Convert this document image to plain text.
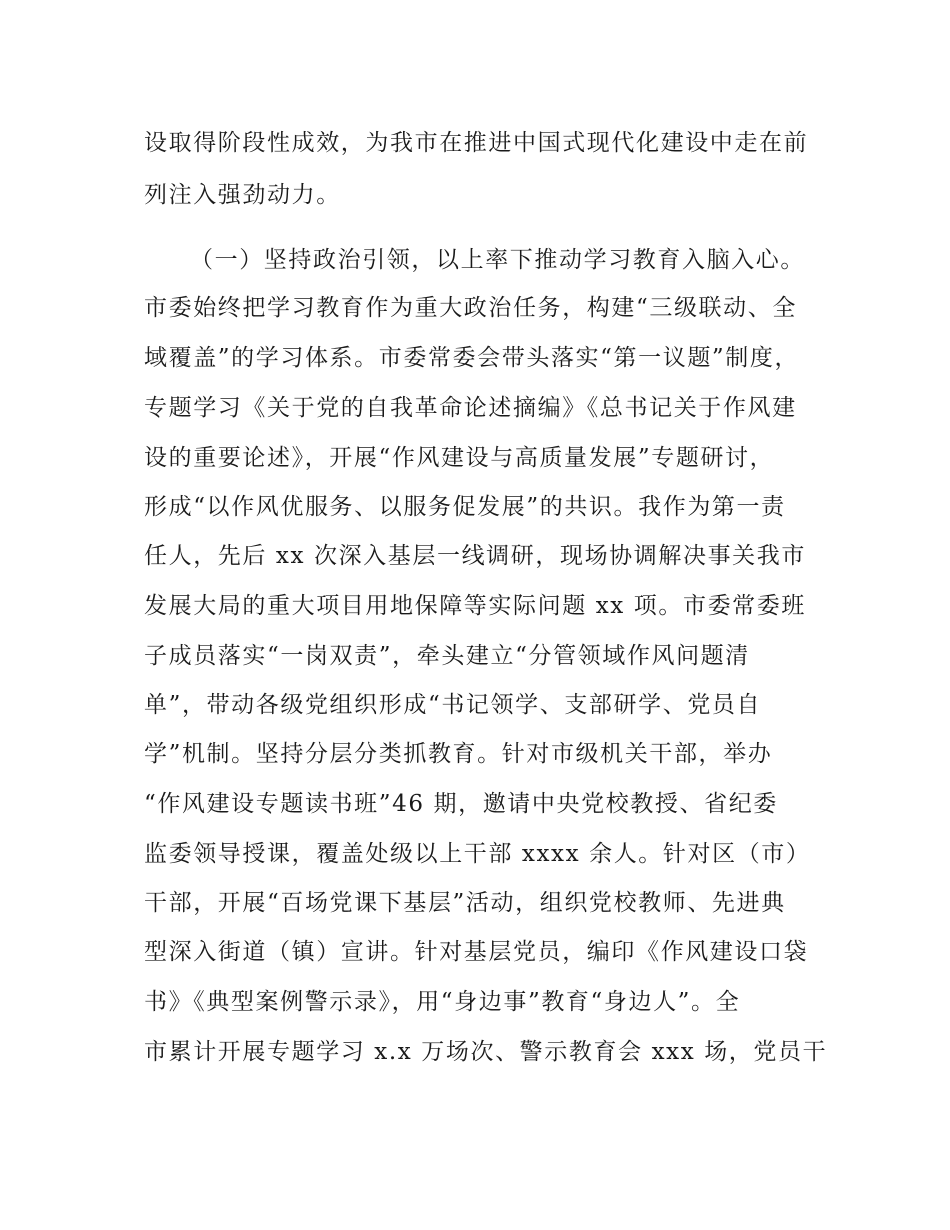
设取得阶段性成效，为我市在推进中国式现代化建设中走在前
列注入强劲动力。
（一）坚持政治引领，以上率下推动学习教育入脑入心。
市委始终把学习教育作为重大政治任务，构建“三级联动、全
域覆盖”的学习体系。市委常委会带头落实“第一议题”制度，
专题学习《关于党的自我革命论述摘编》《总书记关于作风建
设的重要论述》，开展“作风建设与高质量发展”专题研讨，
形成“以作风优服务、以服务促发展”的共识。我作为第一责
任人，先后 xx 次深入基层一线调研，现场协调解决事关我市
发展大局的重大项目用地保障等实际问题 xx 项。市委常委班
子成员落实“一岗双责”，牵头建立“分管领域作风问题清
单”，带动各级党组织形成“书记领学、支部研学、党员自
学”机制。坚持分层分类抓教育。针对市级机关干部，举办
“作风建设专题读书班”46 期，邀请中央党校教授、省纪委
监委领导授课，覆盖处级以上干部 xxxx 余人。针对区（市）
干部，开展“百场党课下基层”活动，组织党校教师、先进典
型深入街道（镇）宣讲。针对基层党员，编印《作风建设口袋
书》《典型案例警示录》，用“身边事”教育“身边人”。全
市累计开展专题学习 x.x 万场次、警示教育会 xxx 场，党员干
